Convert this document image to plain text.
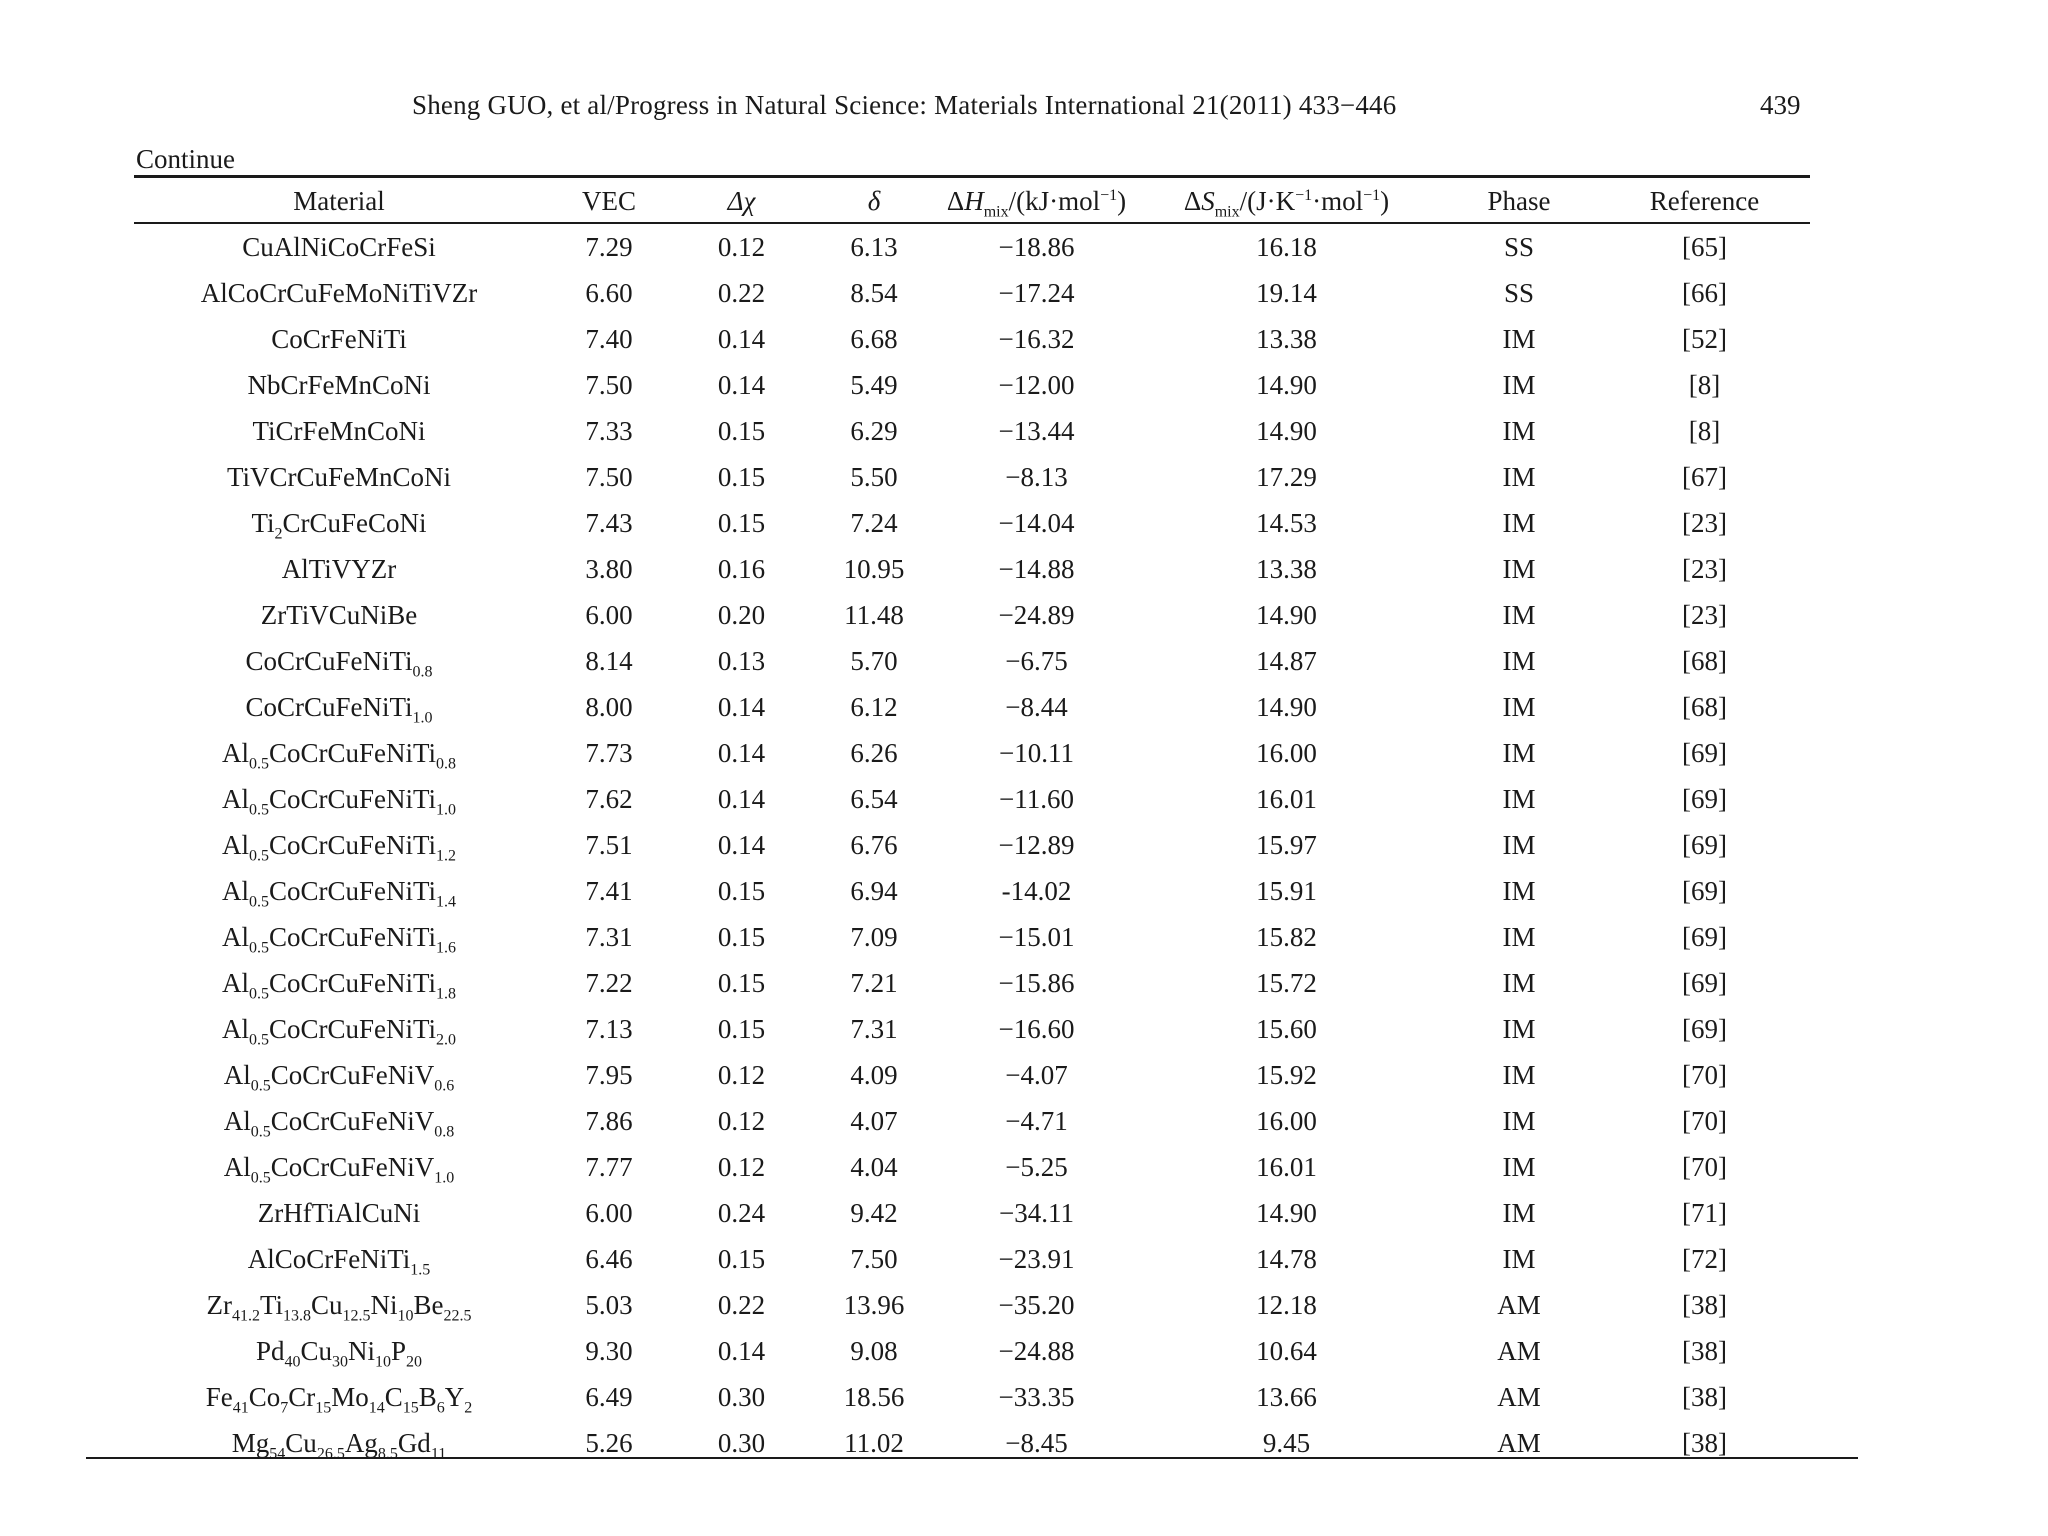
Sheng GUO, et al/Progress in Natural Science: Materials International 21(2011) 433−446	439
Continue
Material	VEC	Δχ	δ	$\Delta H_{mix}/(kJ\cdot mol^{-1})$	$\Delta S_{mix}/(J\cdot K^{-1}\cdot mol^{-1})$	Phase	Reference
CuAlNiCoCrFeSi	7.29	0.12	6.13	−18.86	16.18	SS	[65]
AlCoCrCuFeMoNiTiVZr	6.60	0.22	8.54	−17.24	19.14	SS	[66]
CoCrFeNiTi	7.40	0.14	6.68	−16.32	13.38	IM	[52]
NbCrFeMnCoNi	7.50	0.14	5.49	−12.00	14.90	IM	[8]
TiCrFeMnCoNi	7.33	0.15	6.29	−13.44	14.90	IM	[8]
TiVCrCuFeMnCoNi	7.50	0.15	5.50	−8.13	17.29	IM	[67]
$Ti_2CrCuFeCoNi$	7.43	0.15	7.24	−14.04	14.53	IM	[23]
AlTiVYZr	3.80	0.16	10.95	−14.88	13.38	IM	[23]
ZrTiVCuNiBe	6.00	0.20	11.48	−24.89	14.90	IM	[23]
CoCrCuFeNiTi$_{0.8}$	8.14	0.13	5.70	−6.75	14.87	IM	[68]
CoCrCuFeNiTi$_{1.0}$	8.00	0.14	6.12	−8.44	14.90	IM	[68]
$Al_{0.5}CoCrCuFeNiTi_{0.8}$	7.73	0.14	6.26	−10.11	16.00	IM	[69]
$Al_{0.5}CoCrCuFeNiTi_{1.0}$	7.62	0.14	6.54	−11.60	16.01	IM	[69]
$Al_{0.5}CoCrCuFeNiTi_{1.2}$	7.51	0.14	6.76	−12.89	15.97	IM	[69]
$Al_{0.5}CoCrCuFeNiTi_{1.4}$	7.41	0.15	6.94	-14.02	15.91	IM	[69]
$Al_{0.5}CoCrCuFeNiTi_{1.6}$	7.31	0.15	7.09	−15.01	15.82	IM	[69]
$Al_{0.5}CoCrCuFeNiTi_{1.8}$	7.22	0.15	7.21	−15.86	15.72	IM	[69]
$Al_{0.5}CoCrCuFeNiTi_{2.0}$	7.13	0.15	7.31	−16.60	15.60	IM	[69]
$Al_{0.5}CoCrCuFeNiV_{0.6}$	7.95	0.12	4.09	−4.07	15.92	IM	[70]
$Al_{0.5}CoCrCuFeNiV_{0.8}$	7.86	0.12	4.07	−4.71	16.00	IM	[70]
$Al_{0.5}CoCrCuFeNiV_{1.0}$	7.77	0.12	4.04	−5.25	16.01	IM	[70]
ZrHfTiAlCuNi	6.00	0.24	9.42	−34.11	14.90	IM	[71]
AlCoCrFeNiTi$_{1.5}$	6.46	0.15	7.50	−23.91	14.78	IM	[72]
$Zr_{41.2}Ti_{13.8}Cu_{12.5}Ni_{10}Be_{22.5}$	5.03	0.22	13.96	−35.20	12.18	AM	[38]
$Pd_{40}Cu_{30}Ni_{10}P_{20}$	9.30	0.14	9.08	−24.88	10.64	AM	[38]
$Fe_{41}Co_7Cr_{15}Mo_{14}C_{15}B_6Y_2$	6.49	0.30	18.56	−33.35	13.66	AM	[38]
$Mg_{54}Cu_{26.5}Ag_{8.5}Gd_{11}$	5.26	0.30	11.02	−8.45	9.45	AM	[38]
